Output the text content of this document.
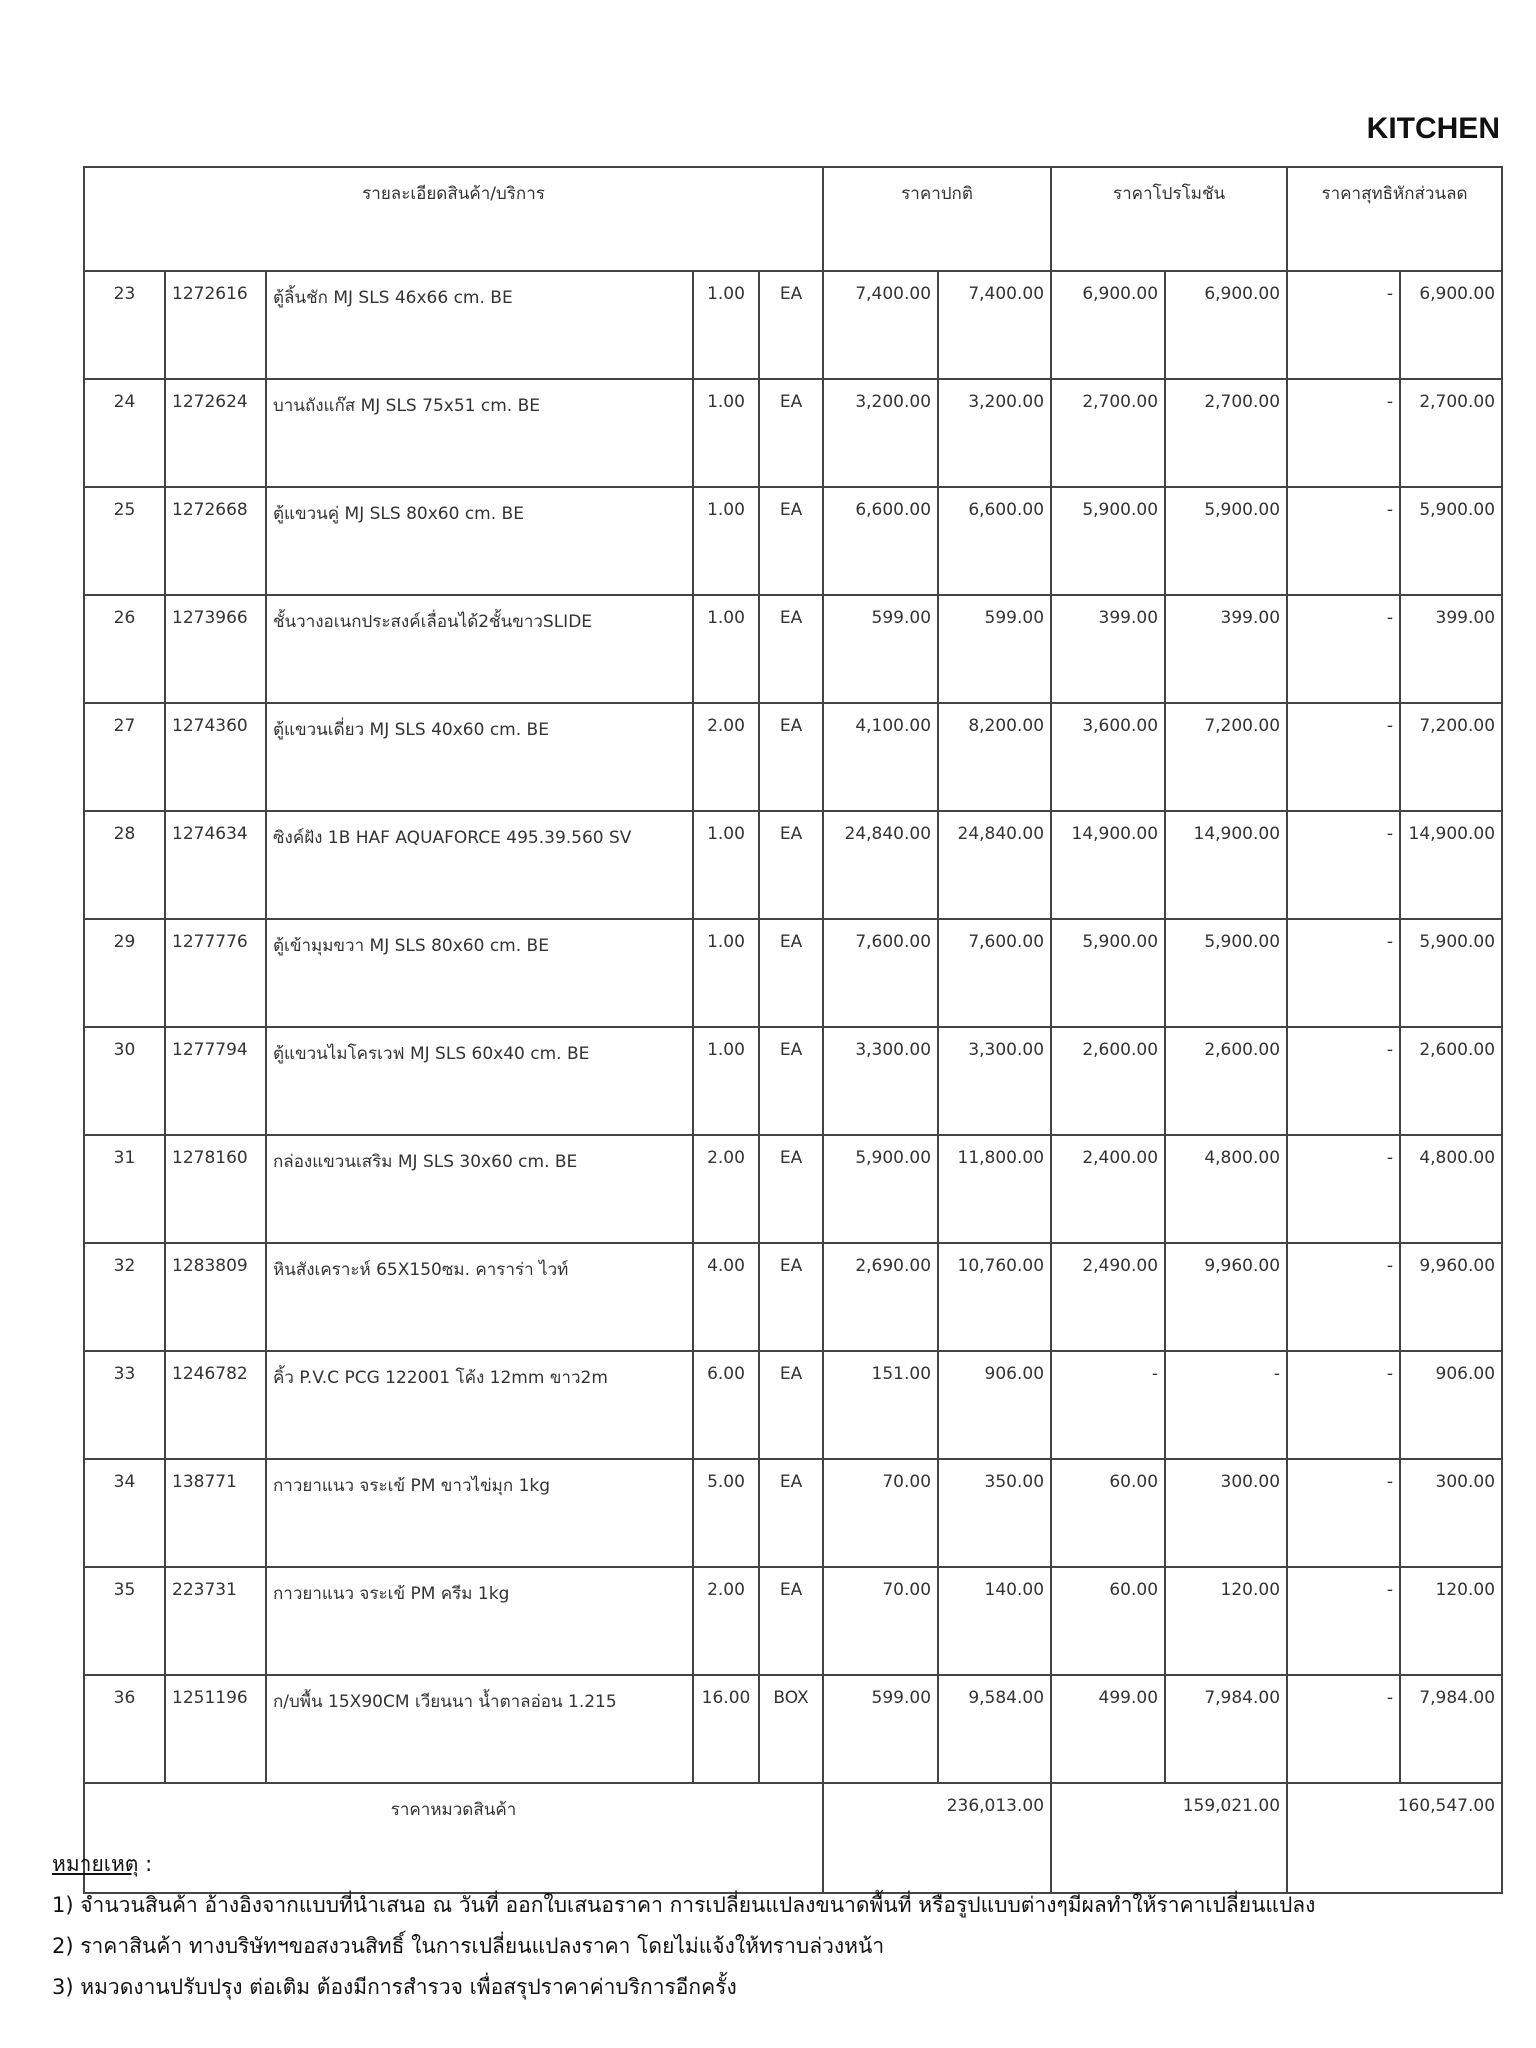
KITCHEN
รายละเอียดสินค้า/บริการ					ราคาปกติ		ราคาโปรโมชัน		ราคาสุทธิหักส่วนลด	
23	1272616	ตู้ลิ้นชัก MJ SLS 46x66 cm. BE	1.00	EA	7,400.00	7,400.00	6,900.00	6,900.00	-	6,900.00
24	1272624	บานถังแก๊ส MJ SLS 75x51 cm. BE	1.00	EA	3,200.00	3,200.00	2,700.00	2,700.00	-	2,700.00
25	1272668	ตู้แขวนคู่ MJ SLS 80x60 cm. BE	1.00	EA	6,600.00	6,600.00	5,900.00	5,900.00	-	5,900.00
26	1273966	ชั้นวางอเนกประสงค์เลื่อนได้2ชั้นขาวSLIDE	1.00	EA	599.00	599.00	399.00	399.00	-	399.00
27	1274360	ตู้แขวนเดี่ยว MJ SLS 40x60 cm. BE	2.00	EA	4,100.00	8,200.00	3,600.00	7,200.00	-	7,200.00
28	1274634	ซิงค์ฝัง 1B HAF AQUAFORCE 495.39.560 SV	1.00	EA	24,840.00	24,840.00	14,900.00	14,900.00	-	14,900.00
29	1277776	ตู้เข้ามุมขวา MJ SLS 80x60 cm. BE	1.00	EA	7,600.00	7,600.00	5,900.00	5,900.00	-	5,900.00
30	1277794	ตู้แขวนไมโครเวฟ MJ SLS 60x40 cm. BE	1.00	EA	3,300.00	3,300.00	2,600.00	2,600.00	-	2,600.00
31	1278160	กล่องแขวนเสริม MJ SLS 30x60 cm. BE	2.00	EA	5,900.00	11,800.00	2,400.00	4,800.00	-	4,800.00
32	1283809	หินสังเคราะห์ 65X150ซม. คาราร่า ไวท์	4.00	EA	2,690.00	10,760.00	2,490.00	9,960.00	-	9,960.00
33	1246782	คิ้ว P.V.C PCG 122001 โค้ง 12mm ขาว2m	6.00	EA	151.00	906.00	-	-	-	906.00
34	138771	กาวยาแนว จระเข้ PM ขาวไข่มุก 1kg	5.00	EA	70.00	350.00	60.00	300.00	-	300.00
35	223731	กาวยาแนว จระเข้ PM ครีม 1kg	2.00	EA	70.00	140.00	60.00	120.00	-	120.00
36	1251196	ก/บพื้น 15X90CM เวียนนา น้ำตาลอ่อน 1.215	16.00	BOX	599.00	9,584.00	499.00	7,984.00	-	7,984.00
ราคาหมวดสินค้า					236,013.00		159,021.00		160,547.00	
หมายเหตุ :
1) จำนวนสินค้า อ้างอิงจากแบบที่นำเสนอ ณ วันที่ ออกใบเสนอราคา การเปลี่ยนแปลงขนาดพื้นที่ หรือรูปแบบต่างๆมีผลทำให้ราคาเปลี่ยนแปลง
2) ราคาสินค้า ทางบริษัทฯขอสงวนสิทธิ์ ในการเปลี่ยนแปลงราคา โดยไม่แจ้งให้ทราบล่วงหน้า
3) หมวดงานปรับปรุง ต่อเติม ต้องมีการสำรวจ เพื่อสรุปราคาค่าบริการอีกครั้ง
